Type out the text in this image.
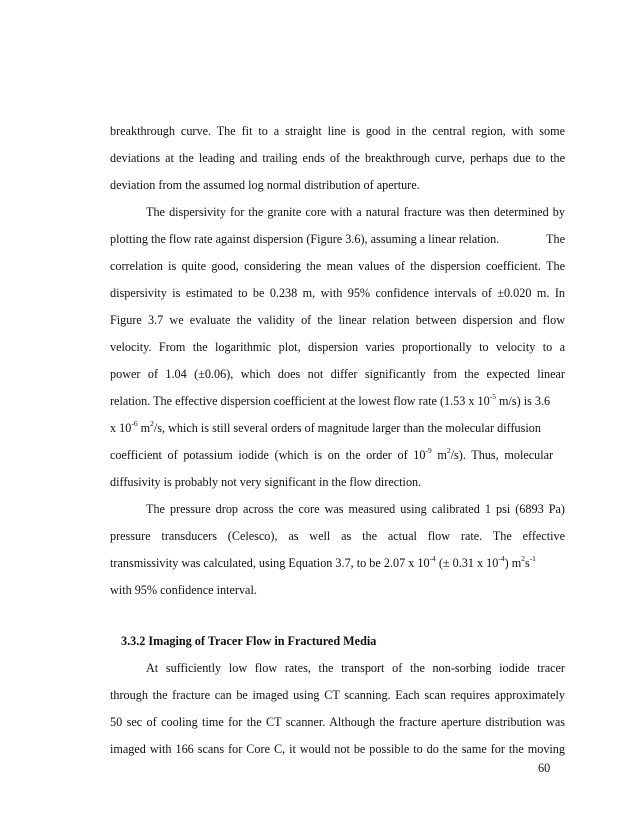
breakthrough curve. The fit to a straight line is good in the central region, with some
deviations at the leading and trailing ends of the breakthrough curve, perhaps due to the
deviation from the assumed log normal distribution of aperture.
The dispersivity for the granite core with a natural fracture was then determined by
plotting the flow rate against dispersion (Figure 3.6), assuming a linear relation.	The
correlation is quite good, considering the mean values of the dispersion coefficient. The
dispersivity is estimated to be 0.238 m, with 95% confidence intervals of ±0.020 m. In
Figure 3.7 we evaluate the validity of the linear relation between dispersion and flow
velocity. From the logarithmic plot, dispersion varies proportionally to velocity to a
power of 1.04 (±0.06), which does not differ significantly from the expected linear
relation. The effective dispersion coefficient at the lowest flow rate (1.53 x $10^{-5}$ m/s) is 3.6
x $10^{-6}$ $m^2/s$, which is still several orders of magnitude larger than the molecular diffusion
coefficient of potassium iodide (which is on the order of $10^{-9}$ $m^2/s$). Thus, molecular
diffusivity is probably not very significant in the flow direction.
The pressure drop across the core was measured using calibrated 1 psi (6893 Pa)
pressure transducers (Celesco), as well as the actual flow rate. The effective
transmissivity was calculated, using Equation 3.7, to be 2.07 x $10^{-4}$ (± 0.31 x $10^{-4}$) $m^2s^{-1}$
with 95% confidence interval.
3.3.2 Imaging of Tracer Flow in Fractured Media
At sufficiently low flow rates, the transport of the non-sorbing iodide tracer
through the fracture can be imaged using CT scanning. Each scan requires approximately
50 sec of cooling time for the CT scanner. Although the fracture aperture distribution was
imaged with 166 scans for Core C, it would not be possible to do the same for the moving
60
